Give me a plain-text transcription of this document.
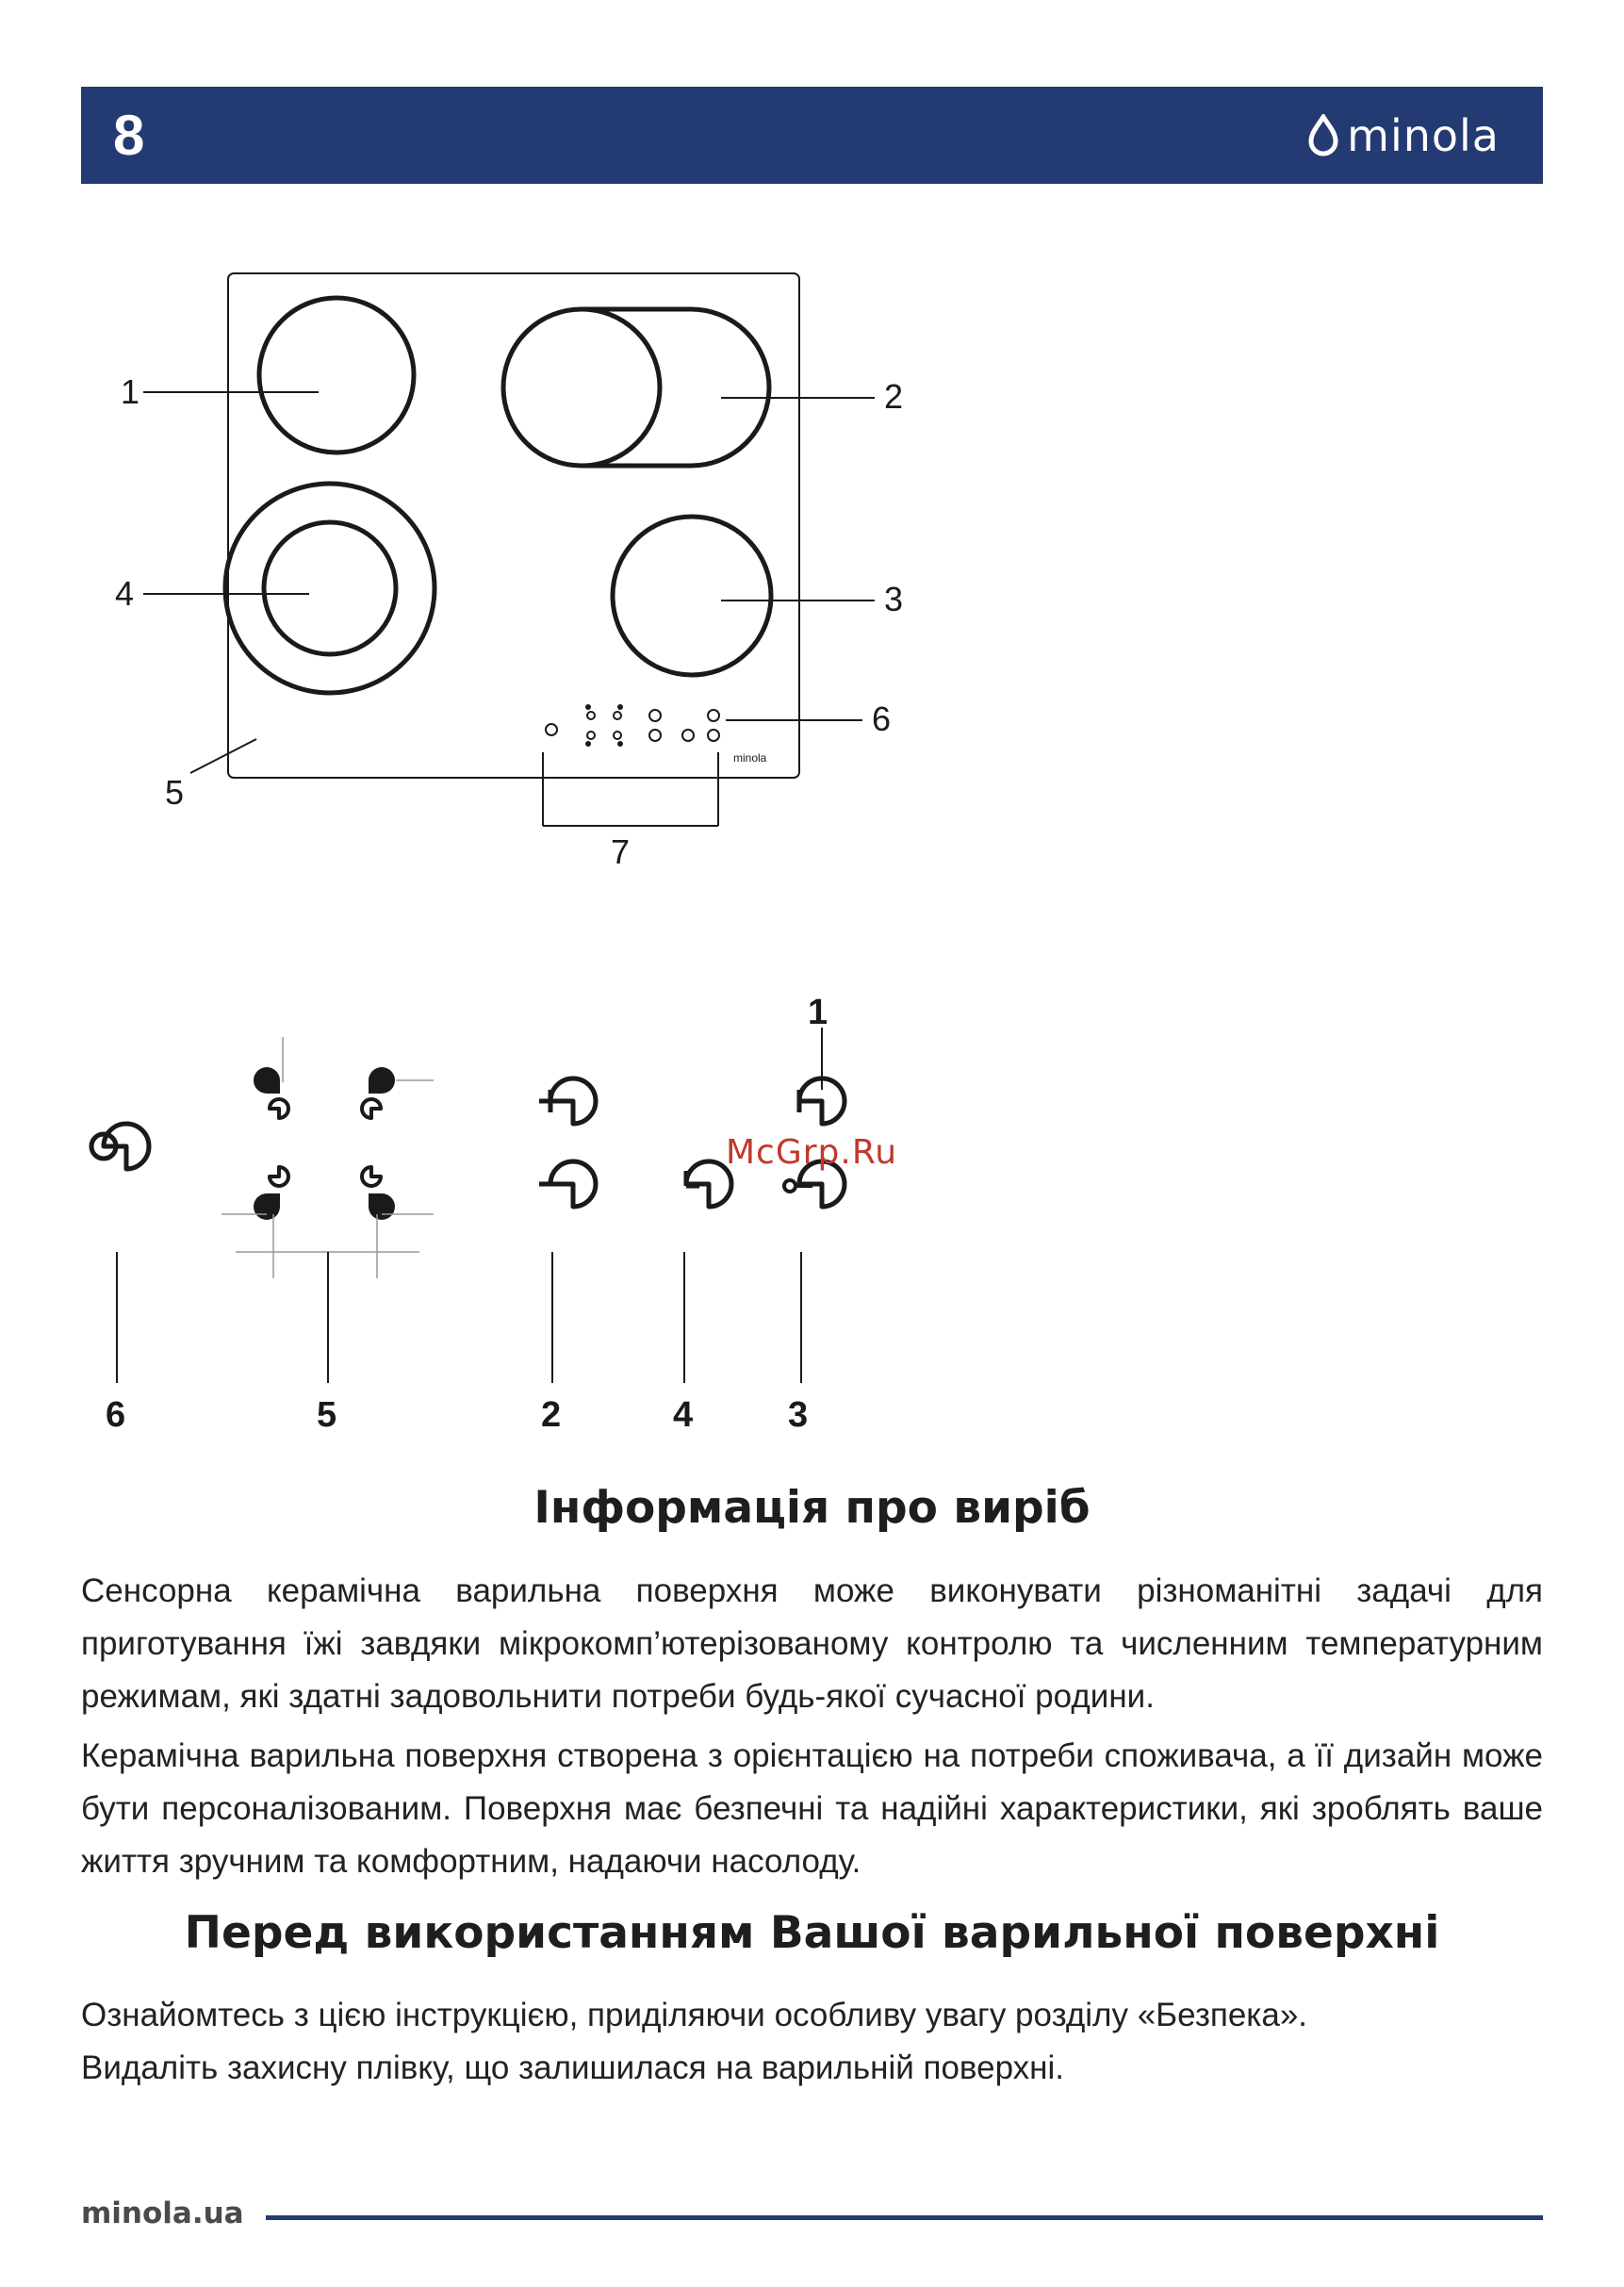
8	minola
minola
1	2
3
4
5
6
7
6	5	2	4	3
1
McGrp.Ru
Інформація про виріб
Сенсорна керамічна варильна поверхня може виконувати різноманітні задачі для приготування їжі завдяки мікрокомп’ютерізованому контролю та численним температурним режимам, які здатні задовольнити потреби будь-якої сучасної родини.
Керамічна варильна поверхня створена з орієнтацією на потреби споживача, а її дизайн може бути персоналізованим. Поверхня має безпечні та надійні характеристики, які зроблять ваше життя зручним та комфортним, надаючи насолоду.
Перед використанням Вашої варильної поверхні
Ознайомтесь з цією інструкцією, приділяючи особливу увагу розділу «Безпека».
Видаліть захисну плівку, що залишилася на варильній поверхні.
minola.ua
